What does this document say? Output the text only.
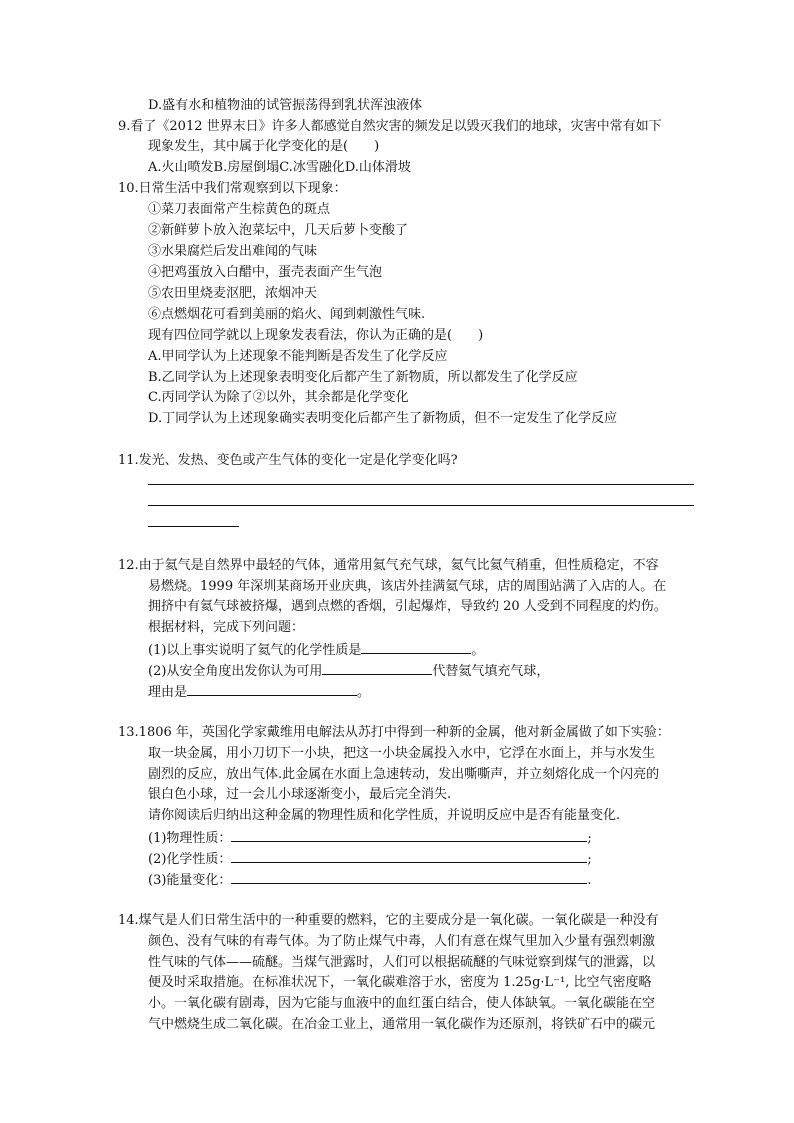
D.盛有水和植物油的试管振荡得到乳状浑浊液体
9.看了《2012 世界末日》许多人都感觉自然灾害的频发足以毁灭我们的地球，灾害中常有如下
现象发生，其中属于化学变化的是(　　)
A.火山喷发B.房屋倒塌C.冰雪融化D.山体滑坡
10.日常生活中我们常观察到以下现象：
①菜刀表面常产生棕黄色的斑点
②新鲜萝卜放入泡菜坛中，几天后萝卜变酸了
③水果腐烂后发出难闻的气味
④把鸡蛋放入白醋中，蛋壳表面产生气泡
⑤农田里烧麦沤肥，浓烟冲天
⑥点燃烟花可看到美丽的焰火、闻到刺激性气味.
现有四位同学就以上现象发表看法，你认为正确的是(　　)
A.甲同学认为上述现象不能判断是否发生了化学反应
B.乙同学认为上述现象表明变化后都产生了新物质，所以都发生了化学反应
C.丙同学认为除了②以外，其余都是化学变化
D.丁同学认为上述现象确实表明变化后都产生了新物质，但不一定发生了化学反应
11.发光、发热、变色或产生气体的变化一定是化学变化吗?
12.由于氦气是自然界中最轻的气体，通常用氦气充气球，氦气比氦气稍重，但性质稳定，不容
易燃烧。1999 年深圳某商场开业庆典，该店外挂满氦气球，店的周围站满了入店的人。在
拥挤中有氦气球被挤爆，遇到点燃的香烟，引起爆炸，导致约 20 人受到不同程度的灼伤。
根据材料，完成下列问题：
(1)以上事实说明了氦气的化学性质是	。
(2)从安全角度出发你认为可用	代替氦气填充气球，
理由是	。
13.1806 年，英国化学家戴维用电解法从苏打中得到一种新的金属，他对新金属做了如下实验：
取一块金属，用小刀切下一小块，把这一小块金属投入水中，它浮在水面上，并与水发生
剧烈的反应，放出气体.此金属在水面上急速转动，发出嘶嘶声，并立刻熔化成一个闪亮的
银白色小球，过一会儿小球逐渐变小，最后完全消失.
请你阅读后归纳出这种金属的物理性质和化学性质，并说明反应中是否有能量变化.
(1)物理性质：	;
(2)化学性质：	;
(3)能量变化：	.
14.煤气是人们日常生活中的一种重要的燃料，它的主要成分是一氧化碳。一氧化碳是一种没有
颜色、没有气味的有毒气体。为了防止煤气中毒，人们有意在煤气里加入少量有强烈刺激
性气味的气体——硫醚。当煤气泄露时，人们可以根据硫醚的气味觉察到煤气的泄露，以
便及时采取措施。在标准状况下，一氧化碳难溶于水，密度为 1.25g·L⁻¹, 比空气密度略
小。一氧化碳有剧毒，因为它能与血液中的血红蛋白结合，使人体缺氧。一氧化碳能在空
气中燃烧生成二氧化碳。在冶金工业上，通常用一氧化碳作为还原剂，将铁矿石中的碳元
